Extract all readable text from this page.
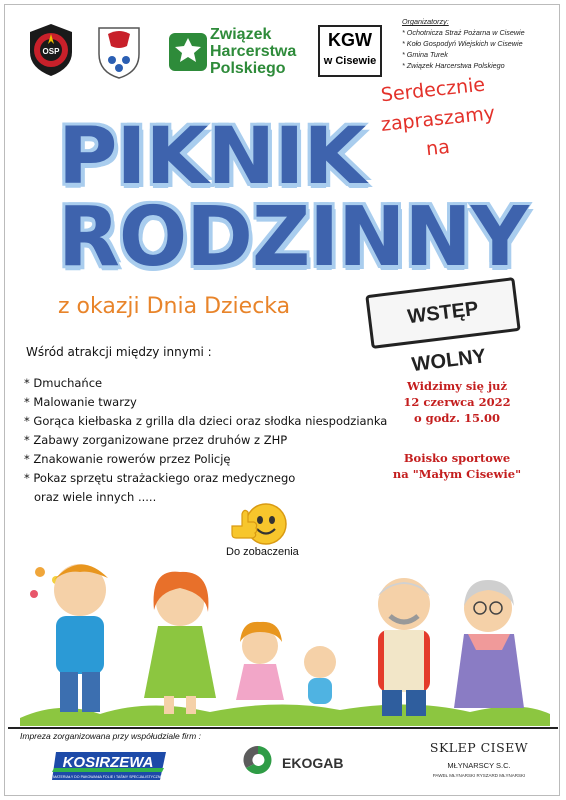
OSP
Związek
Harcerstwa
Polskiego
KGW
w Cisewie
Organizatorzy:
* Ochotnicza Straż Pożarna w Cisewie
* Koło Gospodyń Wiejskich w Cisewie
* Gmina Turek
* Związek Harcerstwa Polskiego
Serdecznie
zapraszamy
na
PIKNIK
RODZINNY
z okazji Dnia Dziecka	WSTĘP WOLNY
Wśród atrakcji między innymi :
* Dmuchańce
* Malowanie twarzy
* Gorąca kiełbaska z grilla dla dzieci oraz słodka niespodzianka
* Zabawy zorganizowane przez druhów z ZHP
* Znakowanie rowerów przez Policję
* Pokaz sprzętu strażackiego oraz medycznego
oraz wiele innych .....
Widzimy się już
12 czerwca 2022
o godz. 15.00
Boisko sportowe
na "Małym Cisewie"
Do zobaczenia
Impreza zorganizowana przy współudziale firm :
KOSIRZEWA
MATERIAŁY DO PAKOWANIA FOLIE I TAŚMY SPECJALISTYCZNE
EKOGAB
SKLEP CISEW
MŁYNARSCY S.C.
PAWEŁ MŁYNARSKI RYSZARD MŁYNARSKI
